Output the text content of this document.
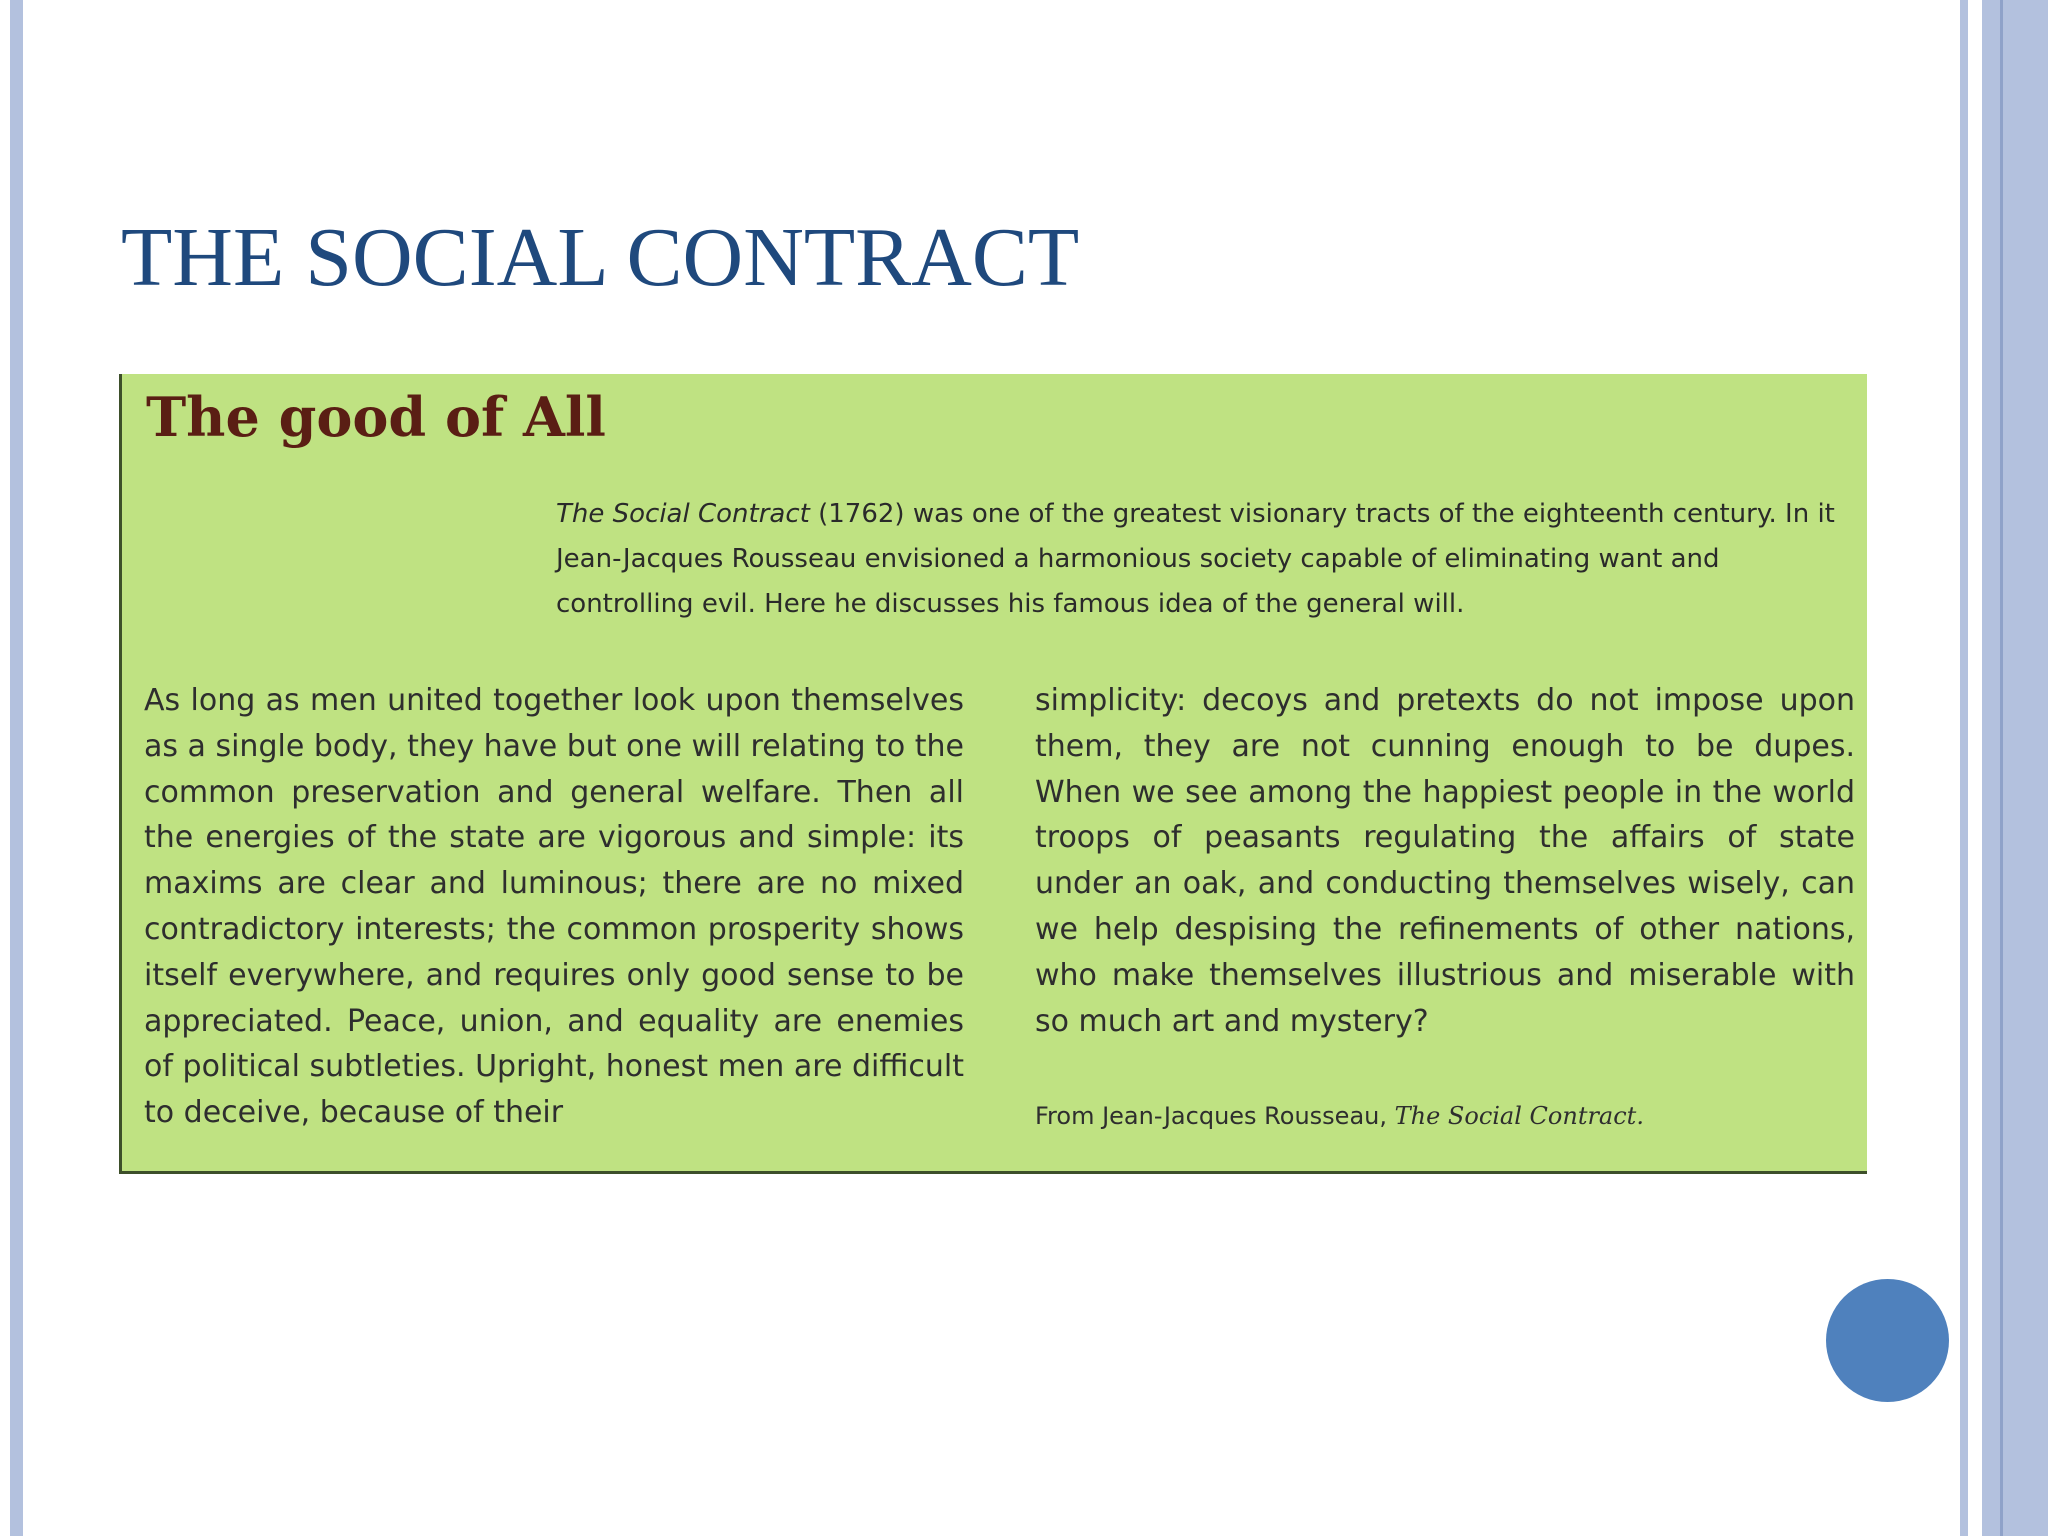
THE SOCIAL CONTRACT
The good of All

The Social Contract (1762) was one of the greatest visionary tracts of the eighteenth century. In it Jean-Jacques Rousseau envisioned a harmonious society capable of eliminating want and controlling evil. Here he discusses his famous idea of the general will.

As long as men united together look upon themselves as a single body, they have but one will relating to the common preservation and general welfare. Then all the energies of the state are vigorous and simple: its maxims are clear and luminous; there are no mixed contradictory interests; the common prosperity shows itself everywhere, and requires only good sense to be appreciated. Peace, union, and equality are enemies of political subtleties. Upright, honest men are difficult to deceive, because of their

simplicity: decoys and pretexts do not impose upon them, they are not cunning enough to be dupes. When we see among the happiest people in the world troops of peasants regulating the affairs of state under an oak, and conducting themselves wisely, can we help despising the refinements of other nations, who make themselves illustrious and miserable with so much art and mystery?

From Jean-Jacques Rousseau, The Social Contract.
